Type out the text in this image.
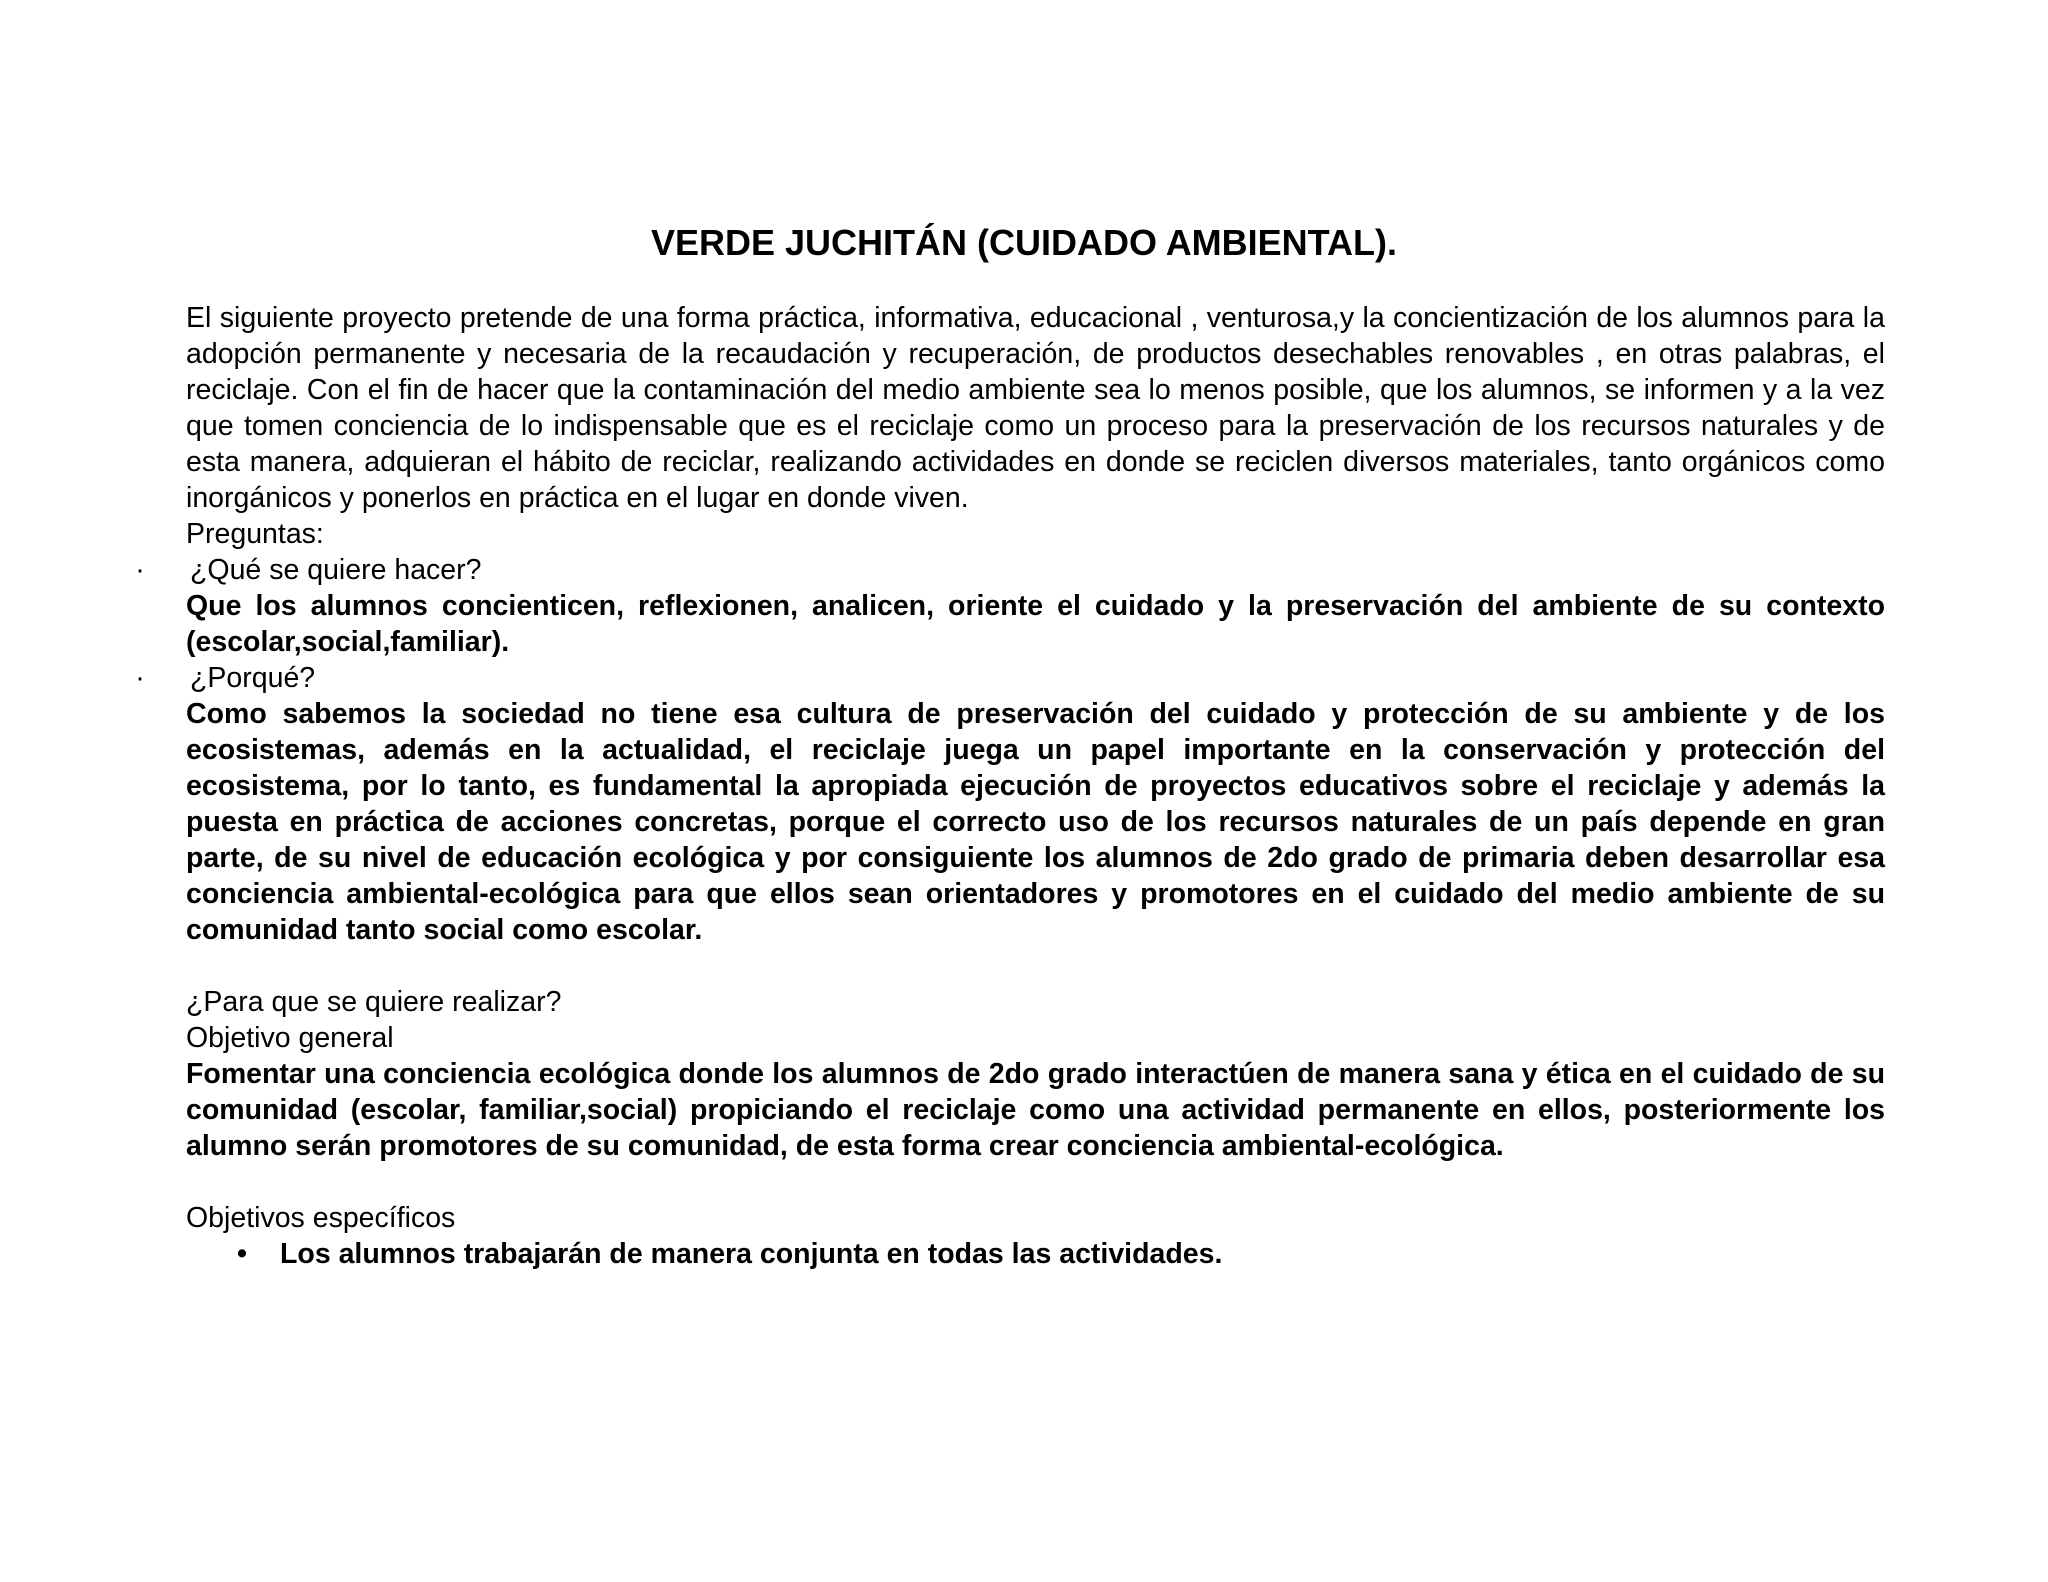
VERDE JUCHITÁN (CUIDADO AMBIENTAL).

El siguiente proyecto pretende de una forma práctica, informativa, educacional , venturosa,y la concientización de los alumnos para la adopción permanente y necesaria de la recaudación y recuperación, de productos desechables renovables , en otras palabras, el reciclaje. Con el fin de hacer que la contaminación del medio ambiente sea lo menos posible, que los alumnos, se informen y a la vez que tomen conciencia de lo indispensable que es el reciclaje como un proceso para la preservación de los recursos naturales y de esta manera, adquieran el hábito de reciclar, realizando actividades en donde se reciclen diversos materiales, tanto orgánicos como inorgánicos y ponerlos en práctica en el lugar en donde viven.

Preguntas:

· ¿Qué se quiere hacer?

Que los alumnos concienticen, reflexionen, analicen, oriente el cuidado y la preservación del ambiente de su contexto (escolar,social,familiar).

· ¿Porqué?

Como sabemos la sociedad no tiene esa cultura de preservación del cuidado y protección de su ambiente y de los ecosistemas, además en la actualidad, el reciclaje juega un papel importante en la conservación y protección del ecosistema, por lo tanto, es fundamental la apropiada ejecución de proyectos educativos sobre el reciclaje y además la puesta en práctica de acciones concretas, porque el correcto uso de los recursos naturales de un país depende en gran parte, de su nivel de educación ecológica y por consiguiente los alumnos de 2do grado de primaria deben desarrollar esa conciencia ambiental-ecológica para que ellos sean orientadores y promotores en el cuidado del medio ambiente de su comunidad tanto social como escolar.

¿Para que se quiere realizar?

Objetivo general

Fomentar una conciencia ecológica donde los alumnos de 2do grado interactúen de manera sana y ética en el cuidado de su comunidad (escolar, familiar,social) propiciando el reciclaje como una actividad permanente en ellos, posteriormente los alumno serán promotores de su comunidad, de esta forma crear conciencia ambiental-ecológica.

Objetivos específicos

• Los alumnos trabajarán de manera conjunta en todas las actividades.
